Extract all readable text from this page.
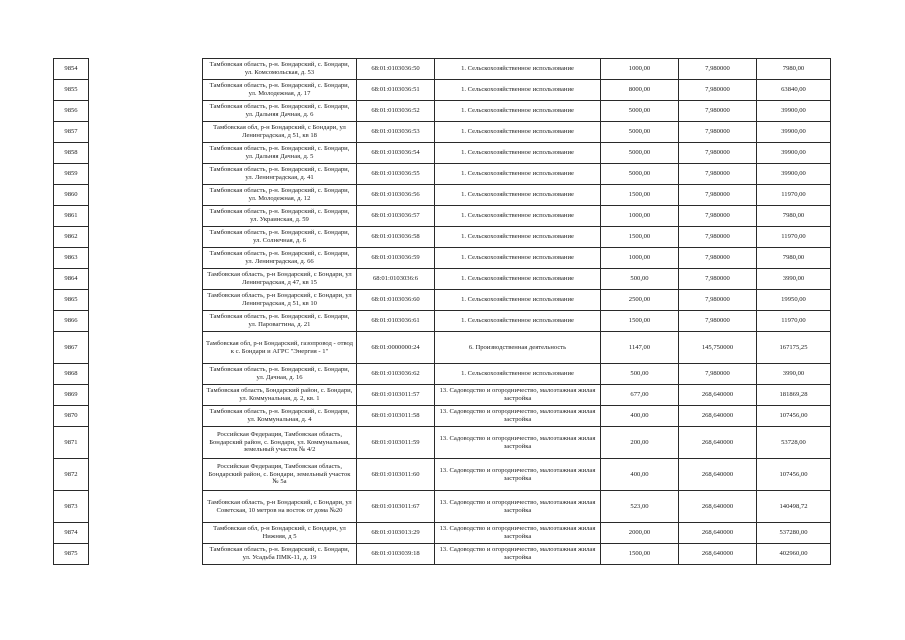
9854		Тамбовская область, р-н. Бондарский, с. Бондари, ул. Комсомольская, д. 53	68:01:0103036:50	1. Сельскохозяйственное использование	1000,00	7,980000	7980,00
9855		Тамбовская область, р-н. Бондарский, с. Бондари, ул. Молодежная, д. 17	68:01:0103036:51	1. Сельскохозяйственное использование	8000,00	7,980000	63840,00
9856		Тамбовская область, р-н. Бондарский, с. Бондари, ул. Дальняя Дачная, д. 6	68:01:0103036:52	1. Сельскохозяйственное использование	5000,00	7,980000	39900,00
9857		Тамбовская обл, р-н Бондарский, с Бондари, ул Ленинградская, д 51, кв 18	68:01:0103036:53	1. Сельскохозяйственное использование	5000,00	7,980000	39900,00
9858		Тамбовская область, р-н. Бондарский, с. Бондари, ул. Дальняя Дачная, д. 5	68:01:0103036:54	1. Сельскохозяйственное использование	5000,00	7,980000	39900,00
9859		Тамбовская область, р-н. Бондарский, с. Бондари, ул. Ленинградская, д. 41	68:01:0103036:55	1. Сельскохозяйственное использование	5000,00	7,980000	39900,00
9860		Тамбовская область, р-н. Бондарский, с. Бондари, ул. Молодежная, д. 12	68:01:0103036:56	1. Сельскохозяйственное использование	1500,00	7,980000	11970,00
9861		Тамбовская область, р-н. Бондарский, с. Бондари, ул. Украинская, д. 59	68:01:0103036:57	1. Сельскохозяйственное использование	1000,00	7,980000	7980,00
9862		Тамбовская область, р-н. Бондарский, с. Бондари, ул. Солнечная, д. 6	68:01:0103036:58	1. Сельскохозяйственное использование	1500,00	7,980000	11970,00
9863		Тамбовская область, р-н. Бондарский, с. Бондари, ул. Ленинградская, д. 66	68:01:0103036:59	1. Сельскохозяйственное использование	1000,00	7,980000	7980,00
9864		Тамбовская область, р-н Бондарский, с Бондари, ул Ленинградская, д 47, кв 15	68:01:0103036:6	1. Сельскохозяйственное использование	500,00	7,980000	3990,00
9865		Тамбовская область, р-н Бондарский, с Бондари, ул Ленинградская, д 51, кв 10	68:01:0103036:60	1. Сельскохозяйственное использование	2500,00	7,980000	19950,00
9866		Тамбовская область, р-н. Бондарский, с. Бондари, ул. Паровагтина, д. 21	68:01:0103036:61	1. Сельскохозяйственное использование	1500,00	7,980000	11970,00
9867		Тамбовская обл, р-н Бондарский, газопровод - отвод к с. Бондари и АГРС "Энергия - 1"	68:01:0000000:24	6. Производственная деятельность	1147,00	145,750000	167175,25
9868		Тамбовская область, р-н. Бондарский, с. Бондари, ул. Дачная, д. 16	68:01:0103036:62	1. Сельскохозяйственное использование	500,00	7,980000	3990,00
9869		Тамбовская область, Бондарский район, с. Бондари, ул. Коммунальная, д. 2, кв. 1	68:01:0103011:57	13. Садоводство и огородничество, малоэтажная жилая застройка	677,00	268,640000	181869,28
9870		Тамбовская область, р-н. Бондарский, с. Бондари, ул. Коммунальная, д. 4	68:01:0103011:58	13. Садоводство и огородничество, малоэтажная жилая застройка	400,00	268,640000	107456,00
9871		Российская Федерация, Тамбовская область, Бондарский район, с. Бондари, ул. Коммунальная, земельный участок № 4/2	68:01:0103011:59	13. Садоводство и огородничество, малоэтажная жилая застройка	200,00	268,640000	53728,00
9872		Российская Федерация, Тамбовская область, Бондарский район, с. Бондари, земельный участок № 5а	68:01:0103011:60	13. Садоводство и огородничество, малоэтажная жилая застройка	400,00	268,640000	107456,00
9873		Тамбовская область, р-н Бондарский, с Бондари, ул Советская, 10 метров на восток от дома №20	68:01:0103011:67	13. Садоводство и огородничество, малоэтажная жилая застройка	523,00	268,640000	140498,72
9874		Тамбовская обл, р-н Бондарский, с Бондари, ул Нижняя, д 5	68:01:0103013:29	13. Садоводство и огородничество, малоэтажная жилая застройка	2000,00	268,640000	537280,00
9875		Тамбовская область, р-н. Бондарский, с. Бондари, ул. Усадьба ПМК-11, д. 19	68:01:0103039:18	13. Садоводство и огородничество, малоэтажная жилая застройка	1500,00	268,640000	402960,00
